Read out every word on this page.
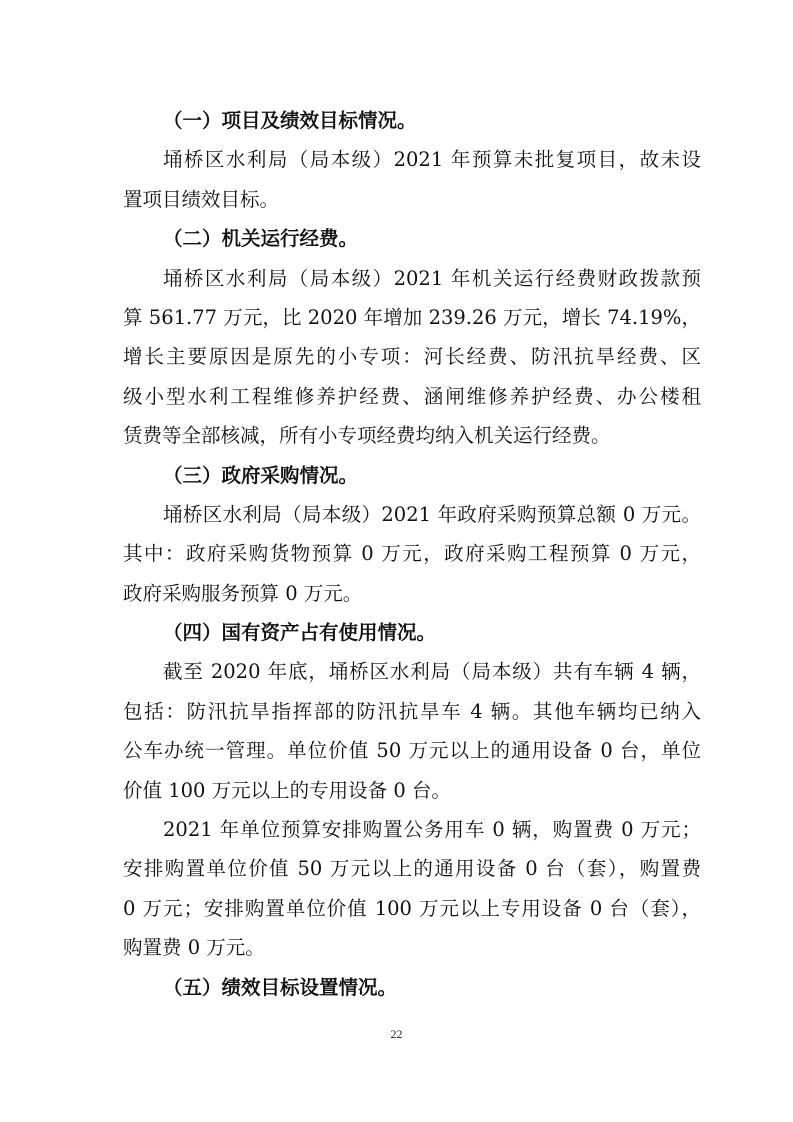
（一）项目及绩效目标情况。
埇桥区水利局（局本级）2021 年预算未批复项目，故未设
置项目绩效目标。
（二）机关运行经费。
埇桥区水利局（局本级）2021 年机关运行经费财政拨款预
算 561.77 万元，比 2020 年增加 239.26 万元，增长 74.19%，
增长主要原因是原先的小专项：河长经费、防汛抗旱经费、区
级小型水利工程维修养护经费、涵闸维修养护经费、办公楼租
赁费等全部核减，所有小专项经费均纳入机关运行经费。
（三）政府采购情况。
埇桥区水利局（局本级）2021 年政府采购预算总额 0 万元。
其中：政府采购货物预算 0 万元，政府采购工程预算 0 万元，
政府采购服务预算 0 万元。
（四）国有资产占有使用情况。
截至 2020 年底，埇桥区水利局（局本级）共有车辆 4 辆，
包括：防汛抗旱指挥部的防汛抗旱车 4 辆。其他车辆均已纳入
公车办统一管理。单位价值 50 万元以上的通用设备 0 台，单位
价值 100 万元以上的专用设备 0 台。
2021 年单位预算安排购置公务用车 0 辆，购置费 0 万元；
安排购置单位价值 50 万元以上的通用设备 0 台（套），购置费
0 万元；安排购置单位价值 100 万元以上专用设备 0 台（套），
购置费 0 万元。
（五）绩效目标设置情况。
22
